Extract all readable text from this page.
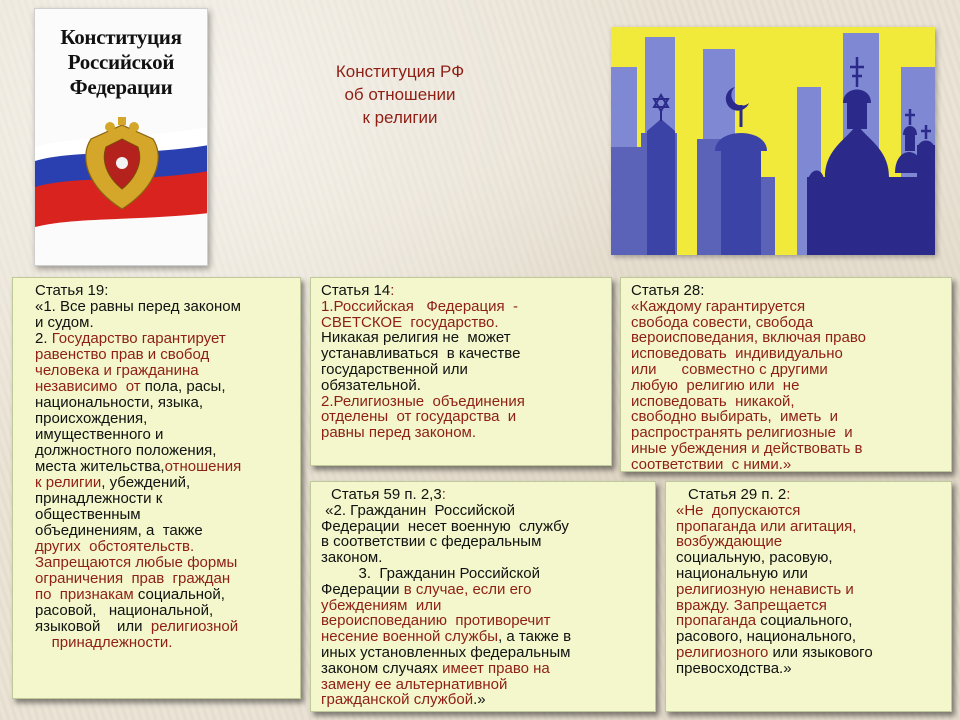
Конституция
Российской
Федерации
Конституция РФ
об отношении
к религии

Статья 19:

«1. Все равны перед законом
и судом.
2. Государство гарантирует
равенство прав и свобод
человека и гражданина
независимо  от пола, расы,
национальности, языка,
происхождения,
имущественного и
должностного положения,
места жительства,отношения
к религии, убеждений,
принадлежности к
общественным
объединениям, а  также
других  обстоятельств.
Запрещаются любые формы
ограничения  прав  граждан
по  признакам социальной,
расовой,   национальной,
языковой    или  религиозной
принадлежности.

Статья 14:

1.Российская   Федерация  -
СВЕТСКОЕ  государство.
Никакая религия не  может
устанавливаться  в качестве
государственной или
обязательной.
2.Религиозные  объединения
отделены  от государства  и
равны перед законом.

Статья 28:

«Каждому гарантируется
свобода совести, свобода
вероисповедания, включая право
исповедовать  индивидуально
или      совместно с другими
любую  религию или  не
исповедовать  никакой,
свободно выбирать,  иметь  и
распространять религиозные  и
иные убеждения и действовать в
соответствии  с ними.»

Статья 59 п. 2,3:

«2. Гражданин  Российской
Федерации  несет военную  службу
в соответствии с федеральным
законом.
3.  Гражданин Российской
Федерации в случае, если его
убеждениям  или
вероисповеданию  противоречит
несение военной службы, а также в
иных установленных федеральным
законом случаях имеет право на
замену ее альтернативной
гражданской службой.»

Статья 29 п. 2:

«Не  допускаются
пропаганда или агитация,
возбуждающие
социальную, расовую,
национальную или
религиозную ненависть и
вражду. Запрещается
пропаганда социального,
расового, национального,
религиозного или языкового
превосходства.»
